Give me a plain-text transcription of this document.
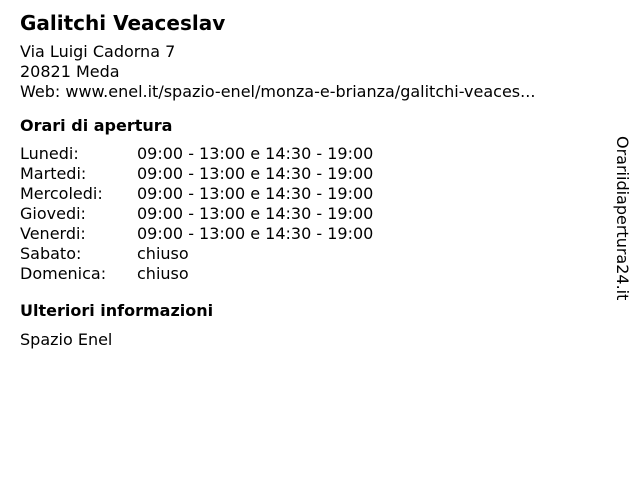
Galitchi Veaceslav
Via Luigi Cadorna 7
20821 Meda
Web: www.enel.it/spazio-enel/monza-e-brianza/galitchi-veaces...
Orari di apertura
Lunedi:	09:00 - 13:00 e 14:30 - 19:00
Martedi:	09:00 - 13:00 e 14:30 - 19:00
Mercoledi:	09:00 - 13:00 e 14:30 - 19:00
Giovedi:	09:00 - 13:00 e 14:30 - 19:00
Venerdi:	09:00 - 13:00 e 14:30 - 19:00
Sabato:	chiuso
Domenica:	chiuso
Ulteriori informazioni
Spazio Enel
Orariidiapertura24.it
